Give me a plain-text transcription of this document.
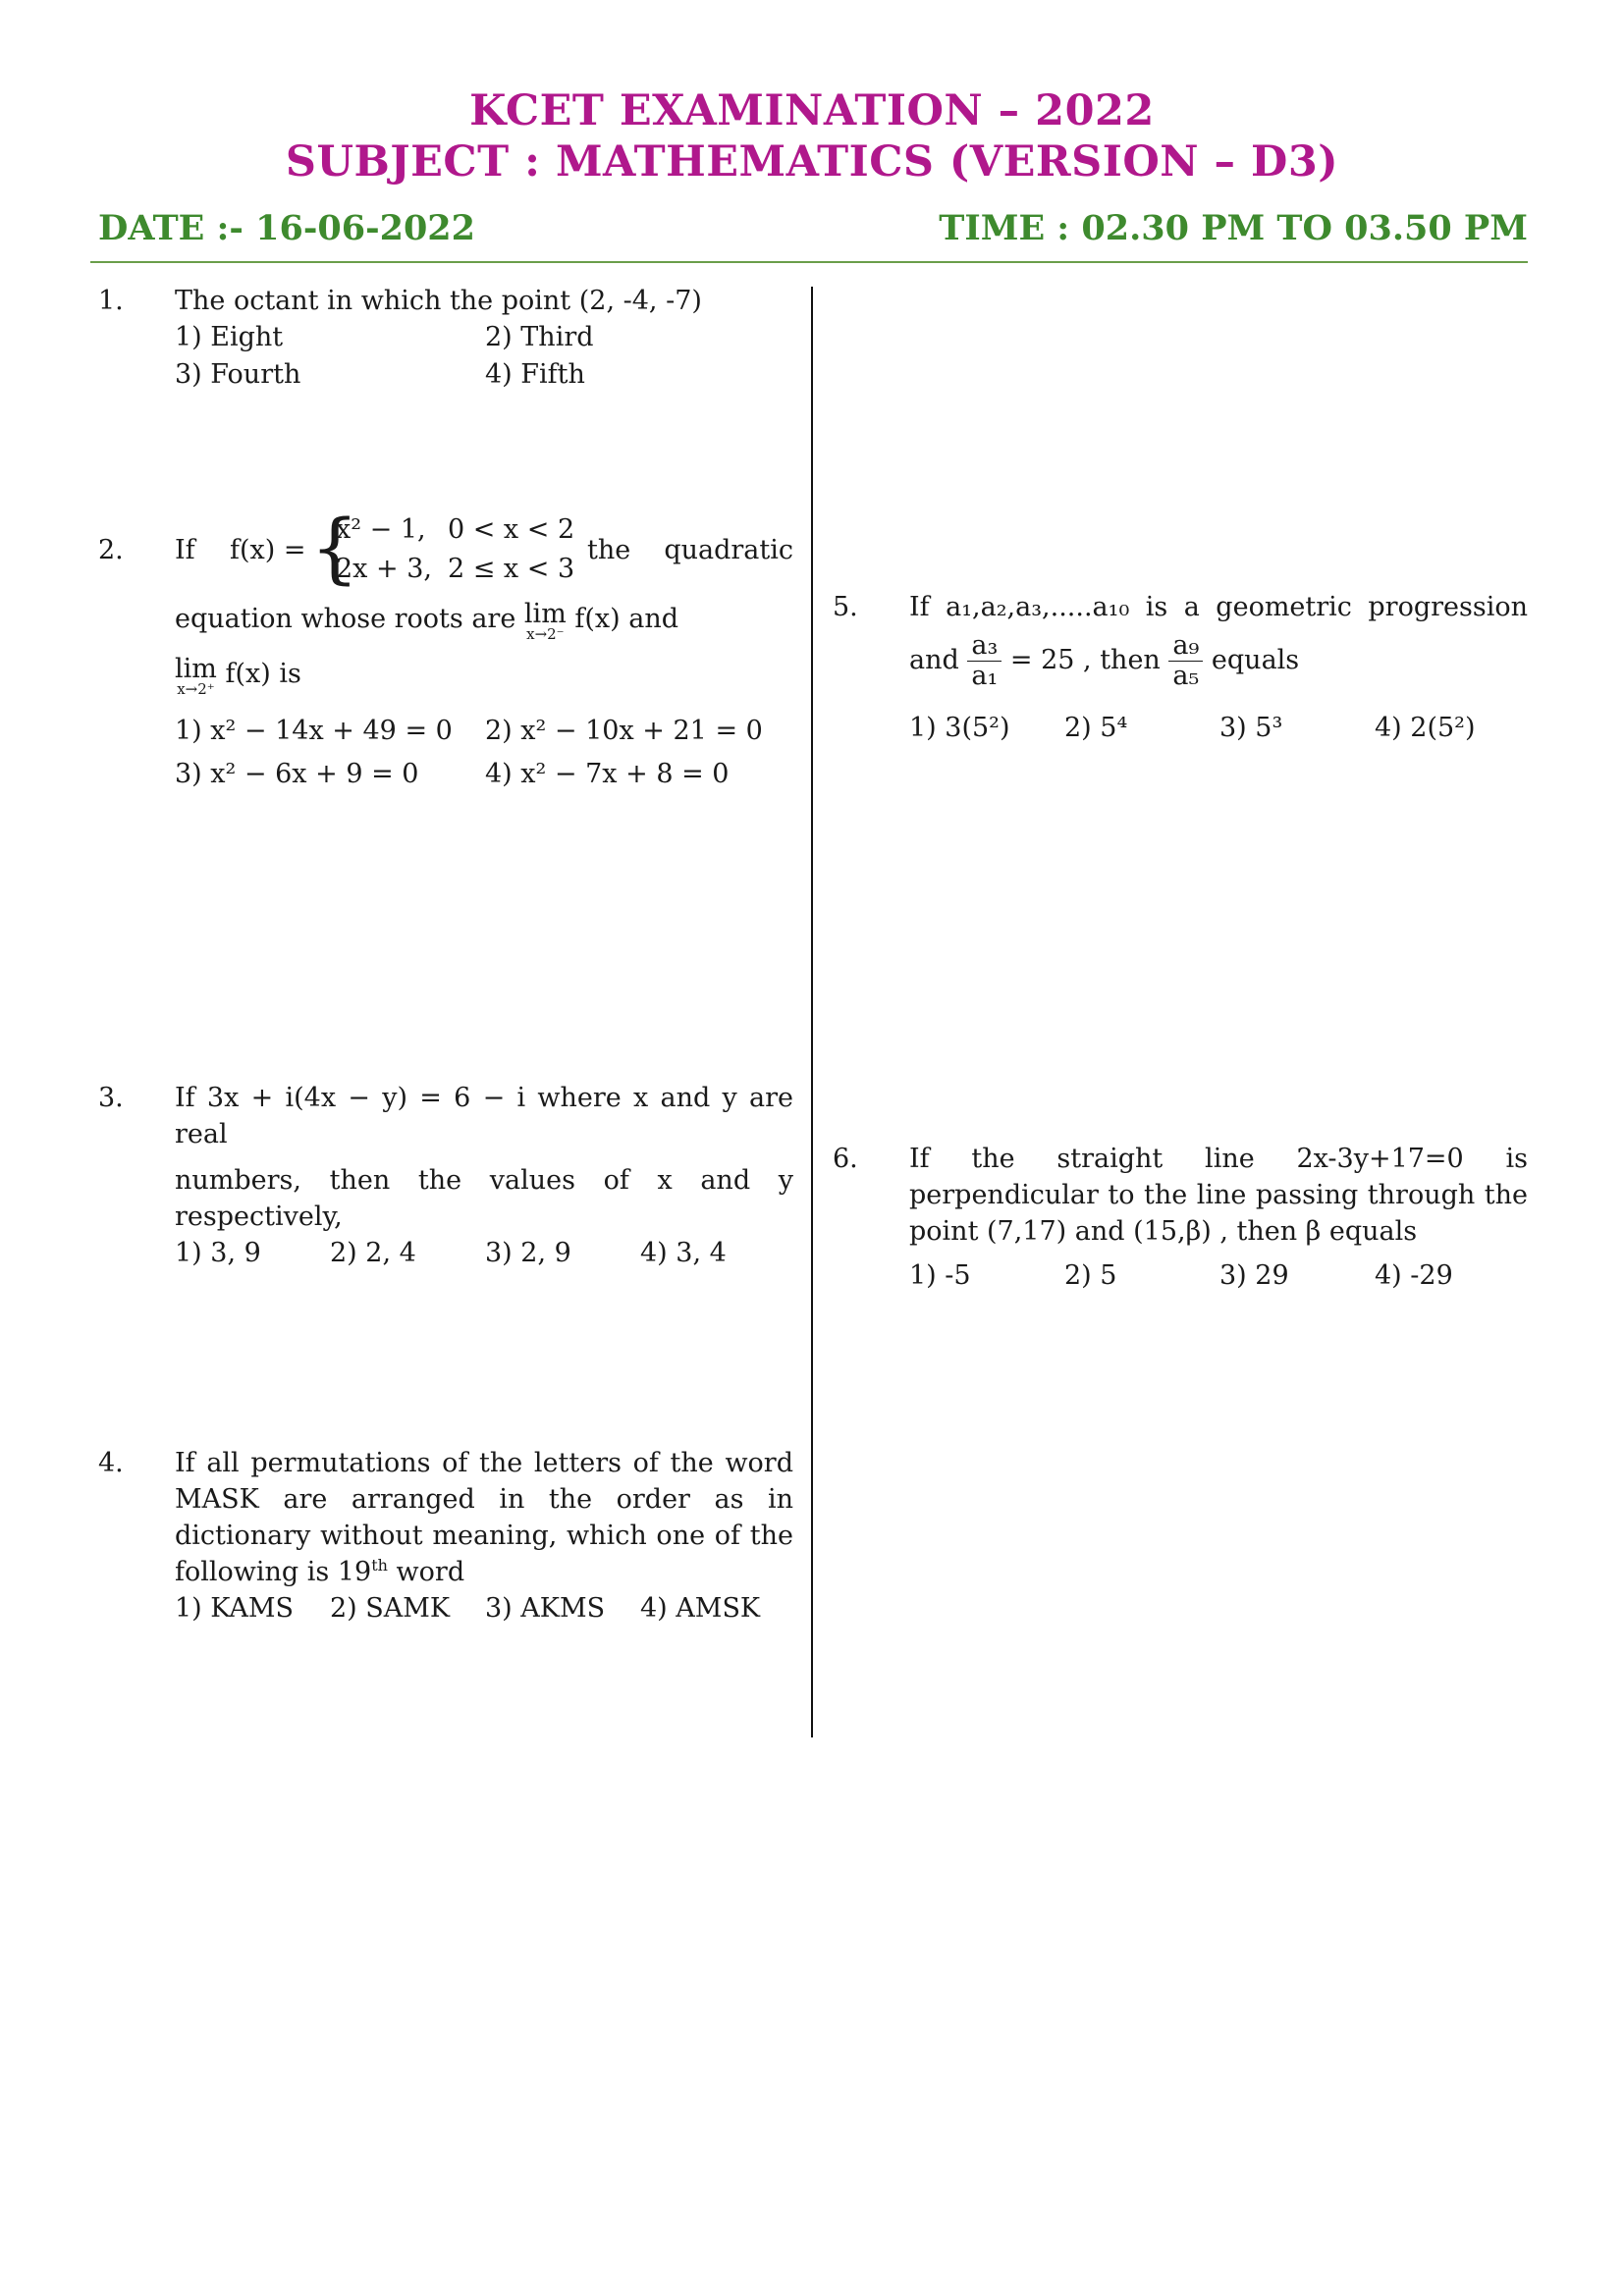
KCET EXAMINATION – 2022
SUBJECT : MATHEMATICS (VERSION – D3)
DATE :- 16-06-2022	TIME : 02.30 PM TO 03.50 PM
1. The octant in which the point (2, -4, -7)

1) Eight	2) Third
3) Fourth	4) Fifth
2. If f(x) = {
x² − 1,	0 < x < 2
2x + 3,	2 ≤ x < 3
the quadratic
equation whose roots are lim
x→2⁻ f(x) and
lim
x→2⁺ f(x) is
1) x² − 14x + 49 = 0 2) x² − 10x + 21 = 0
3) x² − 6x + 9 = 0	4) x² − 7x + 8 = 0
3. If 3x + i(4x − y) = 6 − i where x and y are real

numbers, then the values of x and y

respectively,

1) 3, 9	2) 2, 4	3) 2, 9	4) 3, 4
4. If all permutations of the letters of the word

MASK are arranged in the order as in

dictionary without meaning, which one of the

following is 19th word

1) KAMS 2) SAMK 3) AKMS 4) AMSK
5. If a₁,a₂,a₃,.....a₁₀ is a geometric progression

and $\frac{\text{a₃}}{\text{a₁}} = 25$ , then $\frac{\text{a₉}}{\text{a₅}}$ equals
1) 3(5²) 2) 5⁴	3) 5³	4) 2(5²)
6. If the straight line 2x-3y+17=0 is

perpendicular to the line passing through the

point (7,17) and (15,β) , then β equals

1) -5	2) 5	3) 29	4) -29
